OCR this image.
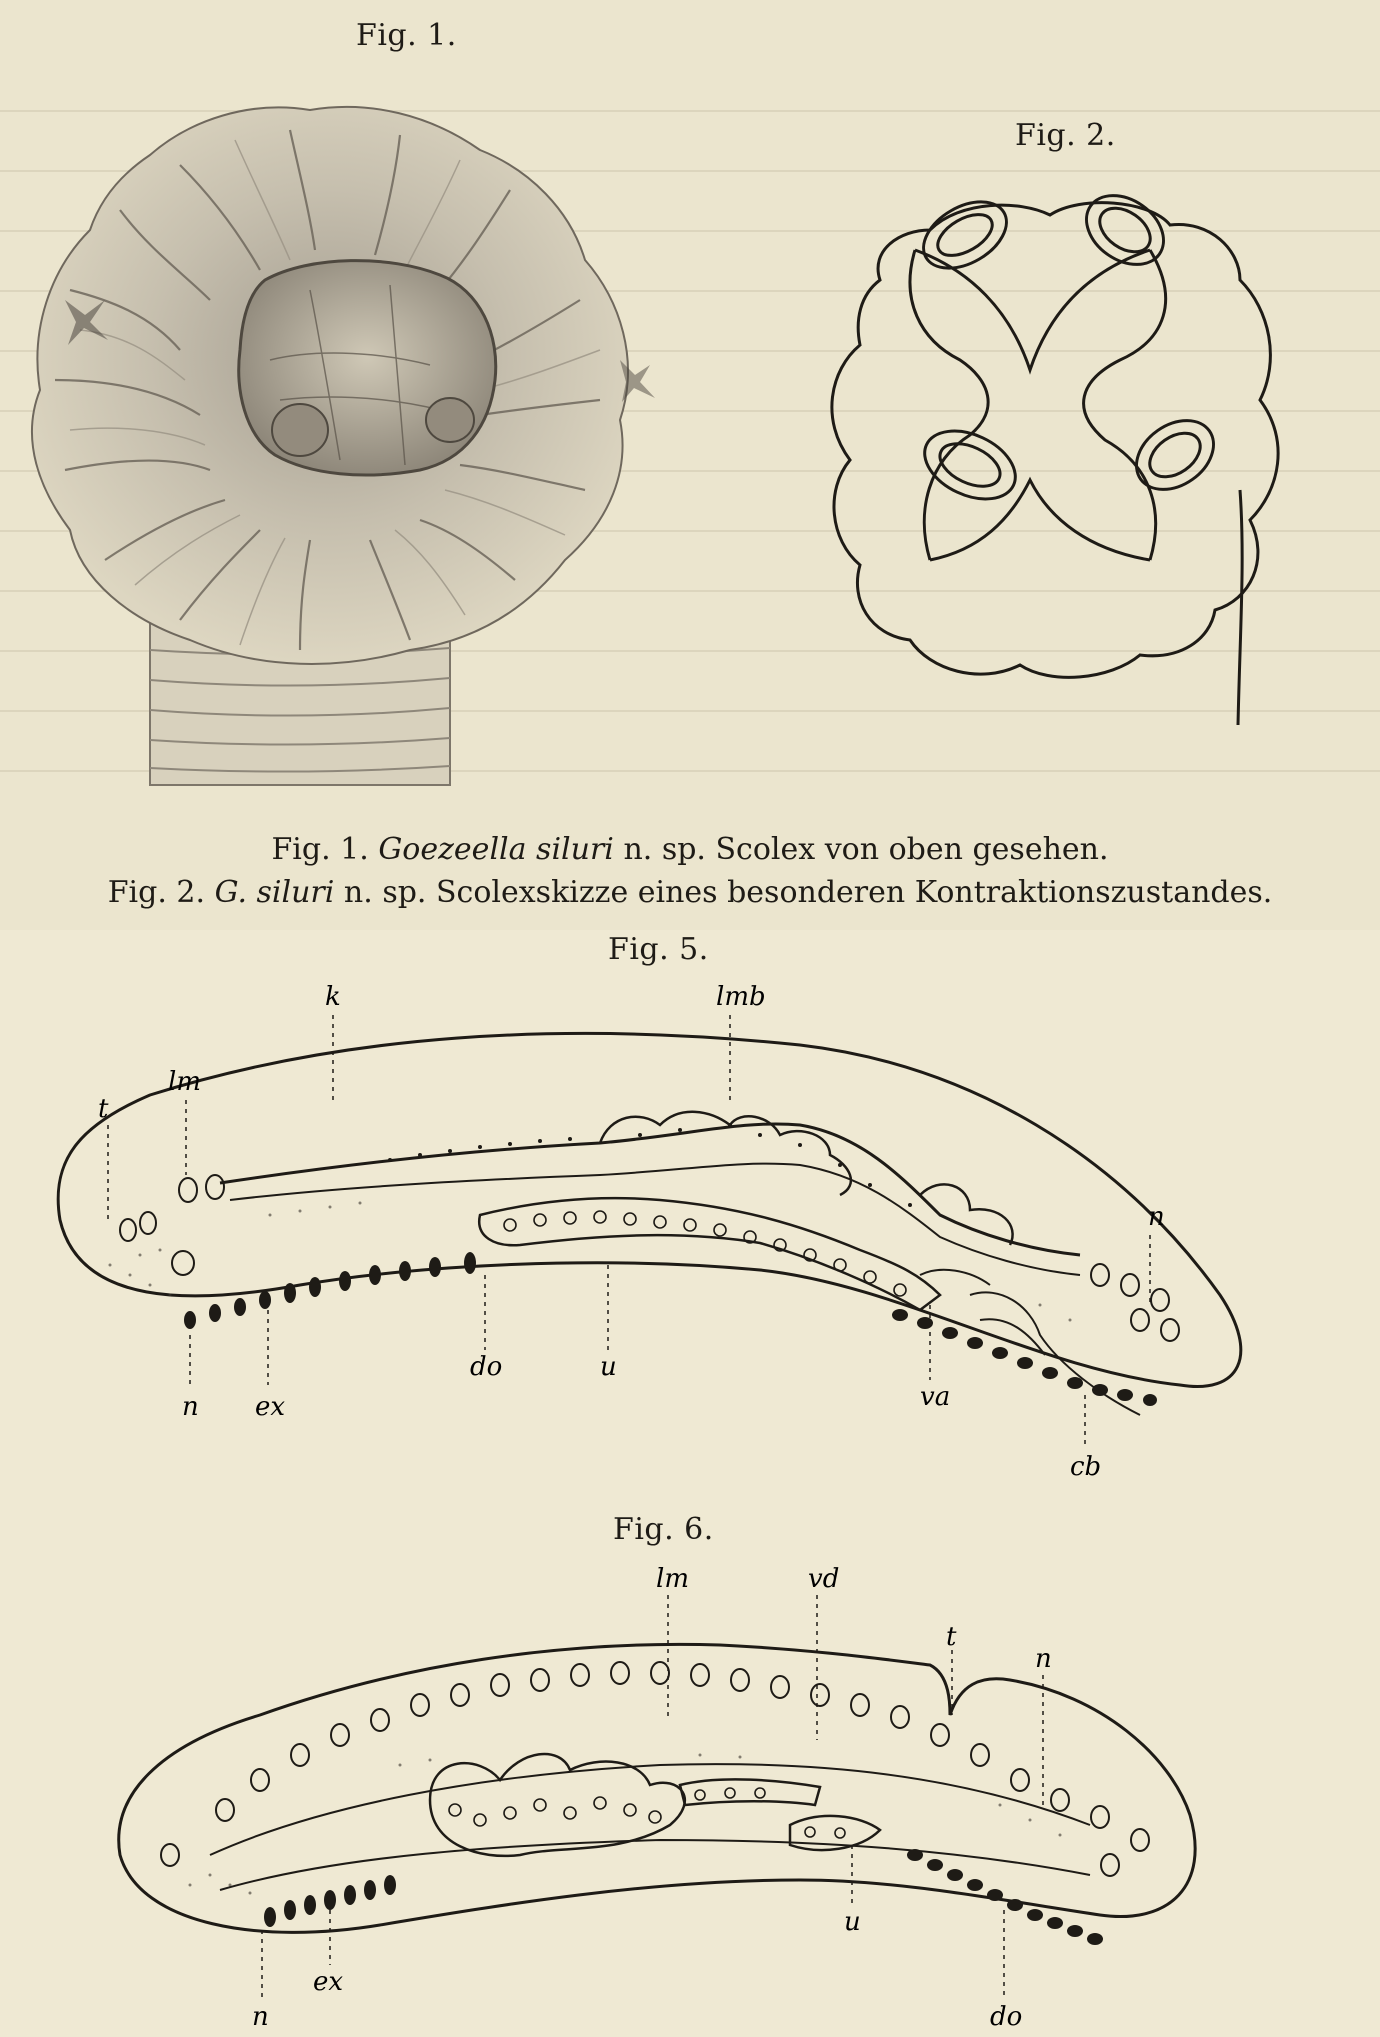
Fig. 1.
Fig. 2.
Fig. 1. Goezeella siluri n. sp. Scolex von oben gesehen.
Fig. 2. G. siluri n. sp. Scolexskizze eines besonderen Kontraktionszustandes.
Fig. 5.
lmb
k
lm
t
n
n ex
do	u
va
cb
Fig. 6.
lm	vd
t
n
n
ex
u
do
